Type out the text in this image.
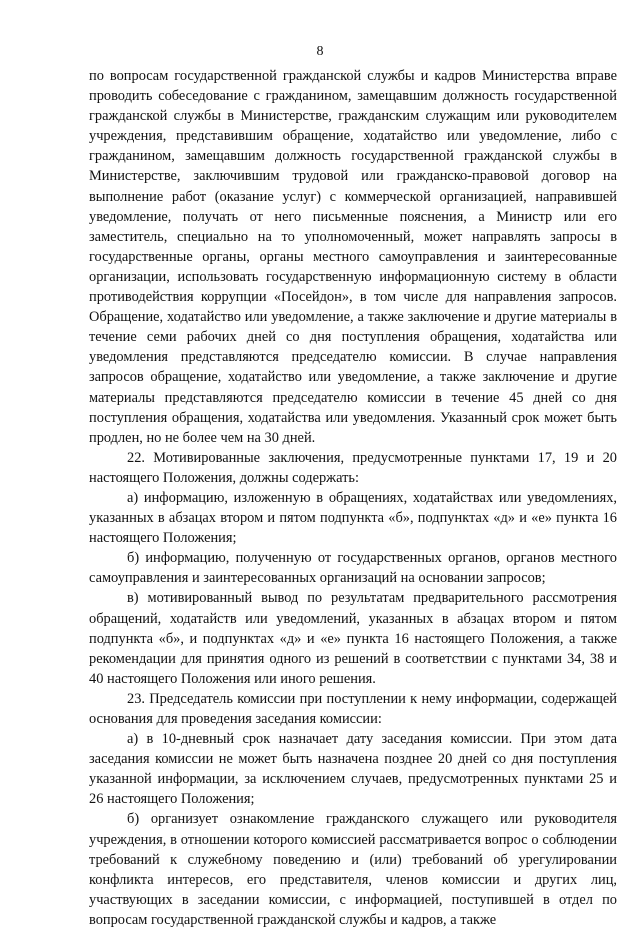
8

по вопросам государственной гражданской службы и кадров Министерства вправе проводить собеседование с гражданином, замещавшим должность государственной гражданской службы в Министерстве, гражданским служащим или руководителем учреждения, представившим обращение, ходатайство или уведомление, либо с гражданином, замещавшим должность государственной гражданской службы в Министерстве, заключившим трудовой или гражданско-правовой договор на выполнение работ (оказание услуг) с коммерческой организацией, направившей уведомление, получать от него письменные пояснения, а Министр или его заместитель, специально на то уполномоченный, может направлять запросы в государственные органы, органы местного самоуправления и заинтересованные организации, использовать государственную информационную систему в области противодействия коррупции «Посейдон», в том числе для направления запросов. Обращение, ходатайство или уведомление, а также заключение и другие материалы в течение семи рабочих дней со дня поступления обращения, ходатайства или уведомления представляются председателю комиссии. В случае направления запросов обращение, ходатайство или уведомление, а также заключение и другие материалы представляются председателю комиссии в течение 45 дней со дня поступления обращения, ходатайства или уведомления. Указанный срок может быть продлен, но не более чем на 30 дней.

22. Мотивированные заключения, предусмотренные пунктами 17, 19 и 20 настоящего Положения, должны содержать:

а) информацию, изложенную в обращениях, ходатайствах или уведомлениях, указанных в абзацах втором и пятом подпункта «б», подпунктах «д» и «е» пункта 16 настоящего Положения;

б) информацию, полученную от государственных органов, органов местного самоуправления и заинтересованных организаций на основании запросов;

в) мотивированный вывод по результатам предварительного рассмотрения обращений, ходатайств или уведомлений, указанных в абзацах втором и пятом подпункта «б», и подпунктах «д» и «е» пункта 16 настоящего Положения, а также рекомендации для принятия одного из решений в соответствии с пунктами 34, 38 и 40 настоящего Положения или иного решения.

23. Председатель комиссии при поступлении к нему информации, содержащей основания для проведения заседания комиссии:

а) в 10-дневный срок назначает дату заседания комиссии. При этом дата заседания комиссии не может быть назначена позднее 20 дней со дня поступления указанной информации, за исключением случаев, предусмотренных пунктами 25 и 26 настоящего Положения;

б) организует ознакомление гражданского служащего или руководителя учреждения, в отношении которого комиссией рассматривается вопрос о соблюдении требований к служебному поведению и (или) требований об урегулировании конфликта интересов, его представителя, членов комиссии и других лиц, участвующих в заседании комиссии, с информацией, поступившей в отдел по вопросам государственной гражданской службы и кадров, а также
